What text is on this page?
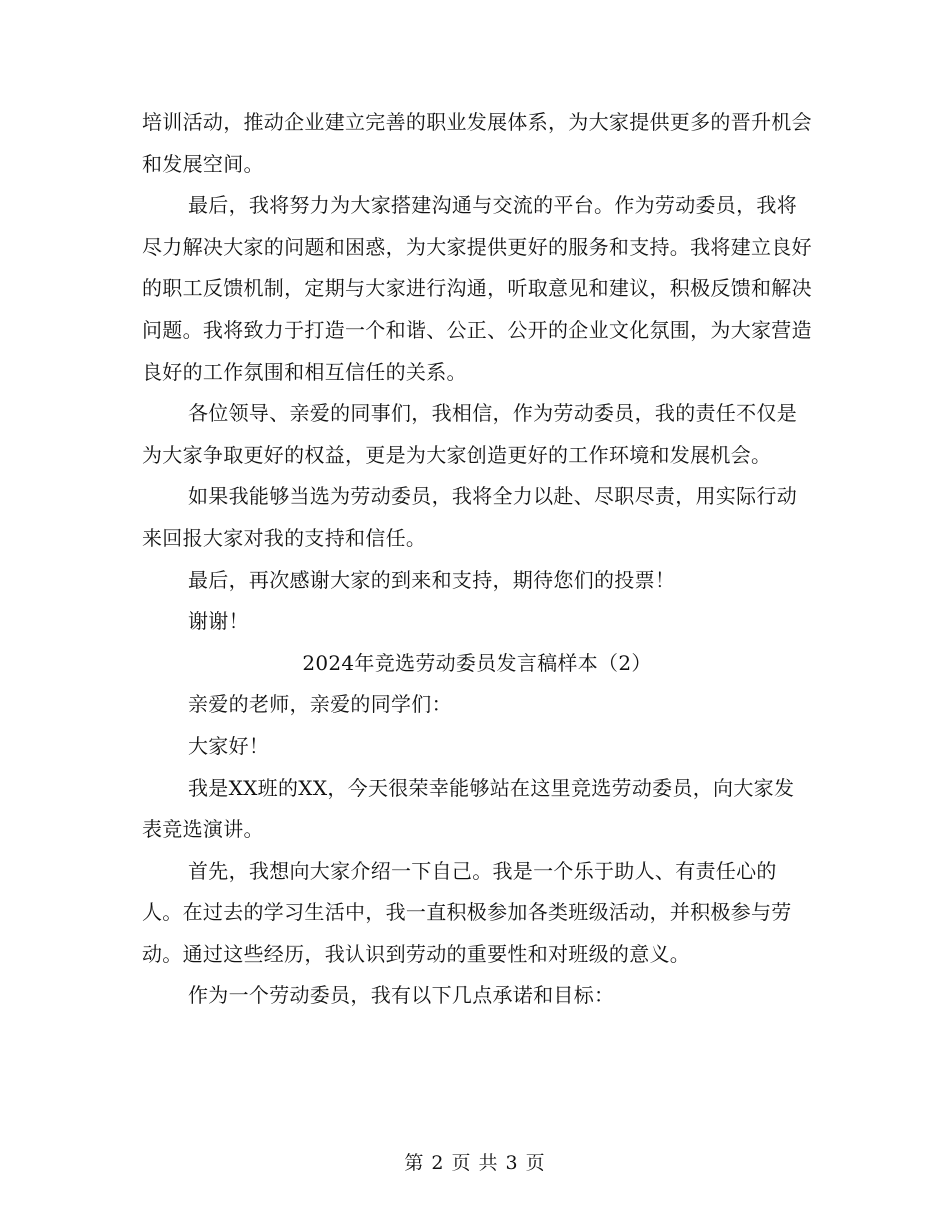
培训活动，推动企业建立完善的职业发展体系，为大家提供更多的晋升机会和发展空间。

最后，我将努力为大家搭建沟通与交流的平台。作为劳动委员，我将尽力解决大家的问题和困惑，为大家提供更好的服务和支持。我将建立良好的职工反馈机制，定期与大家进行沟通，听取意见和建议，积极反馈和解决问题。我将致力于打造一个和谐、公正、公开的企业文化氛围，为大家营造良好的工作氛围和相互信任的关系。

各位领导、亲爱的同事们，我相信，作为劳动委员，我的责任不仅是为大家争取更好的权益，更是为大家创造更好的工作环境和发展机会。

如果我能够当选为劳动委员，我将全力以赴、尽职尽责，用实际行动来回报大家对我的支持和信任。

最后，再次感谢大家的到来和支持，期待您们的投票！

谢谢！

2024年竞选劳动委员发言稿样本（2）

亲爱的老师，亲爱的同学们：

大家好！

我是XX班的XX，今天很荣幸能够站在这里竞选劳动委员，向大家发表竞选演讲。

首先，我想向大家介绍一下自己。我是一个乐于助人、有责任心的人。在过去的学习生活中，我一直积极参加各类班级活动，并积极参与劳动。通过这些经历，我认识到劳动的重要性和对班级的意义。

作为一个劳动委员，我有以下几点承诺和目标：

第 2 页 共 3 页
